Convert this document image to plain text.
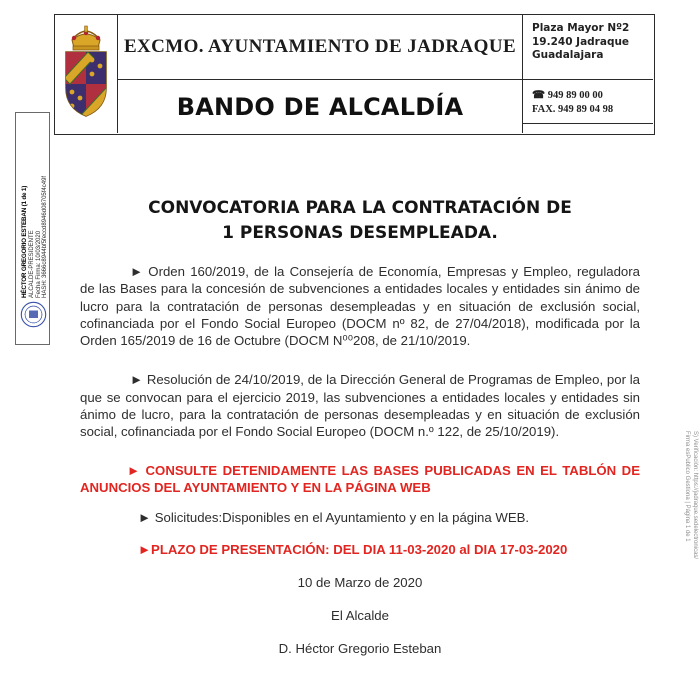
EXCMO. AYUNTAMIENTO DE JADRAQUE
BANDO DE ALCALDÍA
Plaza Mayor Nº2
19.240 Jadraque
Guadalajara
☎ 949 89 00 00
FAX. 949 89 04 98
HÉCTOR GREGORIO ESTEBAN (1 de 1) ALCALDE-PRESIDENTE Fecha Firma: 10/03/2020 HASH: 3666c8944bf5feccd8946d08705f4c49f
S) Verificación: https://jadraque.sedelectronicas/
Firma esPublico Gestiona | Página 1 de 1
CONVOCATORIA PARA LA CONTRATACIÓN DE
1 PERSONAS DESEMPLEADA.

► Orden 160/2019, de la Consejería de Economía, Empresas y Empleo, reguladora de las Bases para la concesión de subvenciones a entidades locales y entidades sin ánimo de lucro para la contratación de personas desempleadas y en situación de exclusión social, cofinanciada por el Fondo Social Europeo (DOCM nº 82, de 27/04/2018), modificada por la Orden 165/2019 de 16 de Octubre (DOCM N⁰⁰208, de 21/10/2019.

► Resolución de 24/10/2019, de la Dirección General de Programas de Empleo, por la que se convocan para el ejercicio 2019, las subvenciones a entidades locales y entidades sin ánimo de lucro, para la contratación de personas desempleadas y en situación de exclusión social, cofinanciada por el Fondo Social Europeo (DOCM n.º 122, de 25/10/2019).

► CONSULTE DETENIDAMENTE LAS BASES PUBLICADAS EN EL TABLÓN DE ANUNCIOS DEL AYUNTAMIENTO Y EN LA PÁGINA WEB

► Solicitudes:Disponibles en el Ayuntamiento y en la página WEB.
►PLAZO DE PRESENTACIÓN: DEL DIA 11-03-2020 al DIA 17-03-2020
10 de Marzo de 2020
El Alcalde
D. Héctor Gregorio Esteban
